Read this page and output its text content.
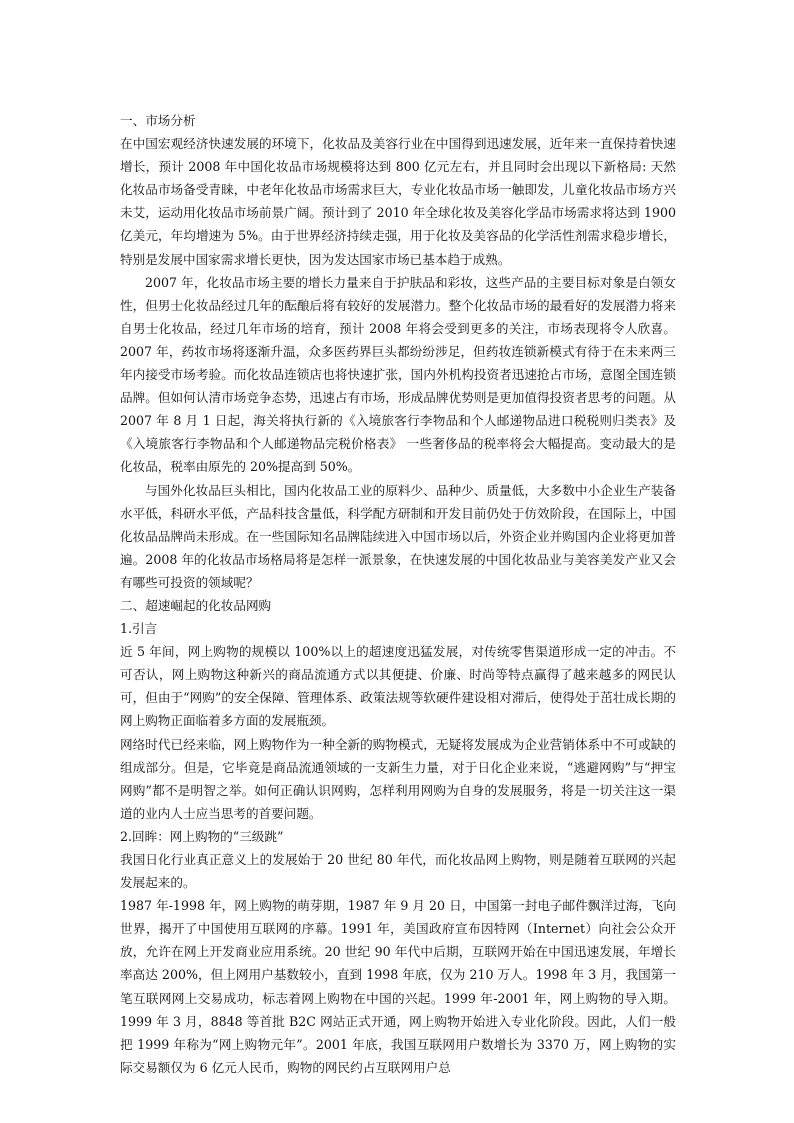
一、市场分析

在中国宏观经济快速发展的环境下，化妆品及美容行业在中国得到迅速发展，近年来一直保持着快速增长，预计 2008 年中国化妆品市场规模将达到 800 亿元左右，并且同时会出现以下新格局: 天然化妆品市场备受青睐，中老年化妆品市场需求巨大，专业化妆品市场一触即发，儿童化妆品市场方兴未艾，运动用化妆品市场前景广阔。预计到了 2010 年全球化妆及美容化学品市场需求将达到 1900 亿美元，年均增速为 5%。由于世界经济持续走强，用于化妆及美容品的化学活性剂需求稳步增长，特别是发展中国家需求增长更快，因为发达国家市场已基本趋于成熟。

2007 年，化妆品市场主要的增长力量来自于护肤品和彩妆，这些产品的主要目标对象是白领女性，但男士化妆品经过几年的酝酿后将有较好的发展潜力。整个化妆品市场的最看好的发展潜力将来自男士化妆品，经过几年市场的培育，预计 2008 年将会受到更多的关注，市场表现将令人欣喜。2007 年，药妆市场将逐渐升温，众多医药界巨头都纷纷涉足，但药妆连锁新模式有待于在未来两三年内接受市场考验。而化妆品连锁店也将快速扩张，国内外机构投资者迅速抢占市场，意图全国连锁品牌。但如何认清市场竞争态势，迅速占有市场，形成品牌优势则是更加值得投资者思考的问题。从 2007 年 8 月 1 日起，海关将执行新的《入境旅客行李物品和个人邮递物品进口税税则归类表》及《入境旅客行李物品和个人邮递物品完税价格表》 一些奢侈品的税率将会大幅提高。变动最大的是化妆品，税率由原先的 20%提高到 50%。

与国外化妆品巨头相比，国内化妆品工业的原料少、品种少、质量低，大多数中小企业生产装备水平低，科研水平低，产品科技含量低，科学配方研制和开发目前仍处于仿效阶段，在国际上，中国化妆品品牌尚未形成。在一些国际知名品牌陆续进入中国市场以后，外资企业并购国内企业将更加普遍。2008 年的化妆品市场格局将是怎样一派景象，在快速发展的中国化妆品业与美容美发产业又会有哪些可投资的领域呢？

二、超速崛起的化妆品网购

1.引言

近 5 年间，网上购物的规模以 100%以上的超速度迅猛发展，对传统零售渠道形成一定的冲击。不可否认，网上购物这种新兴的商品流通方式以其便捷、价廉、时尚等特点赢得了越来越多的网民认可，但由于“网购”的安全保障、管理体系、政策法规等软硬件建设相对滞后，使得处于茁壮成长期的网上购物正面临着多方面的发展瓶颈。

网络时代已经来临，网上购物作为一种全新的购物模式，无疑将发展成为企业营销体系中不可或缺的组成部分。但是，它毕竟是商品流通领域的一支新生力量，对于日化企业来说，“逃避网购”与“押宝网购”都不是明智之举。如何正确认识网购，怎样利用网购为自身的发展服务，将是一切关注这一渠道的业内人士应当思考的首要问题。

2.回眸：网上购物的“三级跳”

我国日化行业真正意义上的发展始于 20 世纪 80 年代，而化妆品网上购物，则是随着互联网的兴起发展起来的。

1987 年-1998 年，网上购物的萌芽期，1987 年 9 月 20 日，中国第一封电子邮件飘洋过海，飞向世界，揭开了中国使用互联网的序幕。1991 年，美国政府宣布因特网（Internet）向社会公众开放，允许在网上开发商业应用系统。20 世纪 90 年代中后期，互联网开始在中国迅速发展，年增长率高达 200%，但上网用户基数较小，直到 1998 年底，仅为 210 万人。1998 年 3 月，我国第一笔互联网网上交易成功，标志着网上购物在中国的兴起。1999 年-2001 年，网上购物的导入期。1999 年 3 月，8848 等首批 B2C 网站正式开通，网上购物开始进入专业化阶段。因此，人们一般把 1999 年称为“网上购物元年”。2001 年底，我国互联网用户数增长为 3370 万，网上购物的实际交易额仅为 6 亿元人民币，购物的网民约占互联网用户总
